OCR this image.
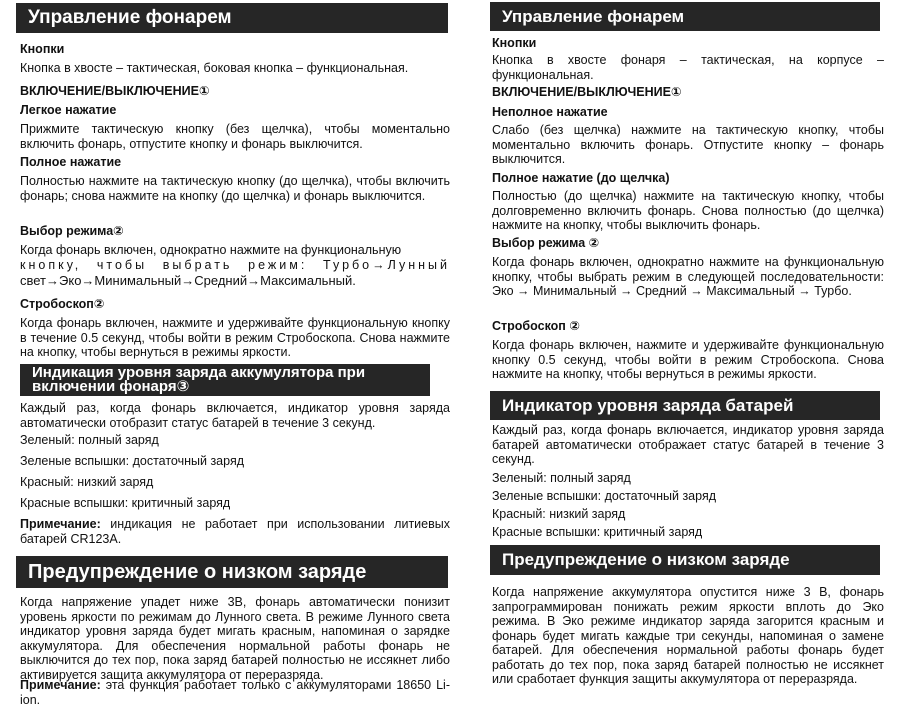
Управление фонарем
Кнопки
Кнопка в хвосте – тактическая, боковая кнопка – функциональная.
ВКЛЮЧЕНИЕ/ВЫКЛЮЧЕНИЕ①
Легкое нажатие
Прижмите тактическую кнопку (без щелчка), чтобы моментально включить фонарь, отпустите кнопку и фонарь выключится.
Полное нажатие
Полностью нажмите на тактическую кнопку (до щелчка), чтобы включить фонарь; снова нажмите на кнопку (до щелчка) и фонарь выключится.
Выбор режима②
Когда фонарь включен, однократно нажмите на функциональную
кнопку, чтобы выбрать режим: Турбо→Лунный
свет→Эко→Минимальный→Средний→Максимальный.
Стробоскоп②
Когда фонарь включен, нажмите и удерживайте функциональную кнопку в течение 0.5 секунд, чтобы войти в режим Стробоскопа. Снова нажмите на кнопку, чтобы вернуться в режимы яркости.
Индикация уровня заряда аккумулятора при
включении фонаря③
Каждый раз, когда фонарь включается, индикатор уровня заряда автоматически отобразит статус батарей в течение 3 секунд.
Зеленый: полный заряд
Зеленые вспышки: достаточный заряд
Красный: низкий заряд
Красные вспышки: критичный заряд
Примечание: индикация не работает при использовании литиевых батарей CR123A.
Предупреждение о низком заряде
Когда напряжение упадет ниже 3В, фонарь автоматически понизит уровень яркости по режимам до Лунного света. В режиме Лунного света индикатор уровня заряда будет мигать красным, напоминая о зарядке аккумулятора. Для обеспечения нормальной работы фонарь не выключится до тех пор, пока заряд батарей полностью не иссякнет либо активируется защита аккумулятора от переразряда.
Примечание: эта функция работает только с аккумуляторами 18650 Li-ion.
Управление фонарем
Кнопки
Кнопка в хвосте фонаря – тактическая, на корпусе – функциональная.
ВКЛЮЧЕНИЕ/ВЫКЛЮЧЕНИЕ①
Неполное нажатие
Слабо (без щелчка) нажмите на тактическую кнопку, чтобы моментально включить фонарь. Отпустите кнопку – фонарь выключится.
Полное нажатие (до щелчка)
Полностью (до щелчка) нажмите на тактическую кнопку, чтобы долговременно включить фонарь. Снова полностью (до щелчка) нажмите на кнопку, чтобы выключить фонарь.
Выбор режима ②
Когда фонарь включен, однократно нажмите на функциональную кнопку, чтобы выбрать режим в следующей последовательности: Эко → Минимальный → Средний → Максимальный → Турбо.
Стробоскоп ②
Когда фонарь включен, нажмите и удерживайте функциональную кнопку 0.5 секунд, чтобы войти в режим Стробоскопа. Снова нажмите на кнопку, чтобы вернуться в режимы яркости.
Индикатор уровня заряда батарей
Каждый раз, когда фонарь включается, индикатор уровня заряда батарей автоматически отображает статус батарей в течение 3 секунд.
Зеленый: полный заряд
Зеленые вспышки: достаточный заряд
Красный: низкий заряд
Красные вспышки: критичный заряд
Предупреждение о низком заряде
Когда напряжение аккумулятора опустится ниже 3 В, фонарь запрограммирован понижать режим яркости вплоть до Эко режима. В Эко режиме индикатор заряда загорится красным и фонарь будет мигать каждые три секунды, напоминая о замене батарей. Для обеспечения нормальной работы фонарь будет работать до тех пор, пока заряд батарей полностью не иссякнет или сработает функция защиты аккумулятора от переразряда.
